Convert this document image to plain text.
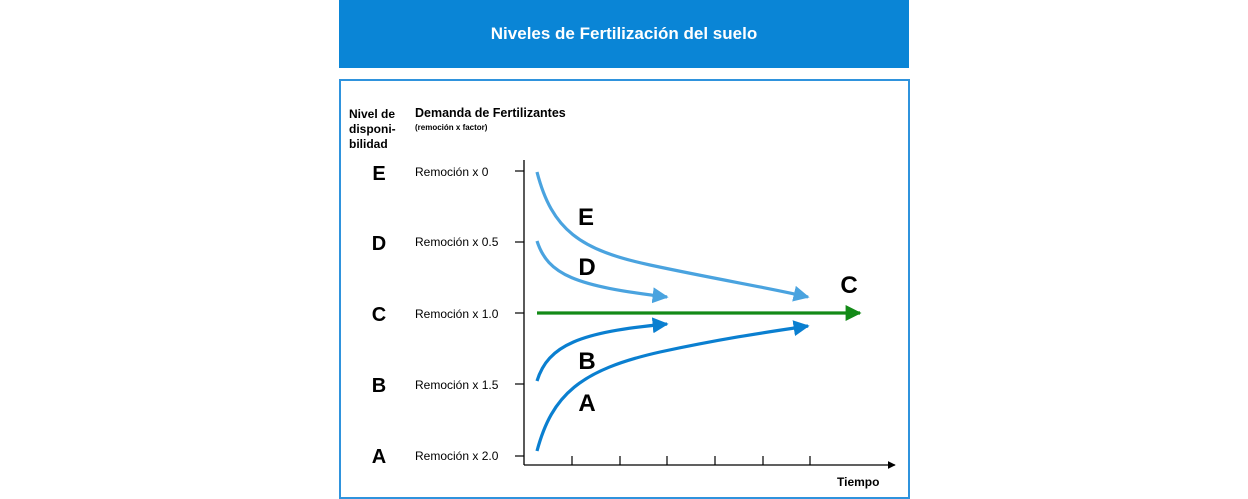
Niveles de Fertilización del suelo
Nivel de
disponi-
bilidad
Demanda de Fertilizantes
(remoción x factor)
E
D
C
B
A
Remoción x 0
Remoción x 0.5
Remoción x 1.0
Remoción x 1.5
Remoción x 2.0
Tiempo
E
D
C
B
A
